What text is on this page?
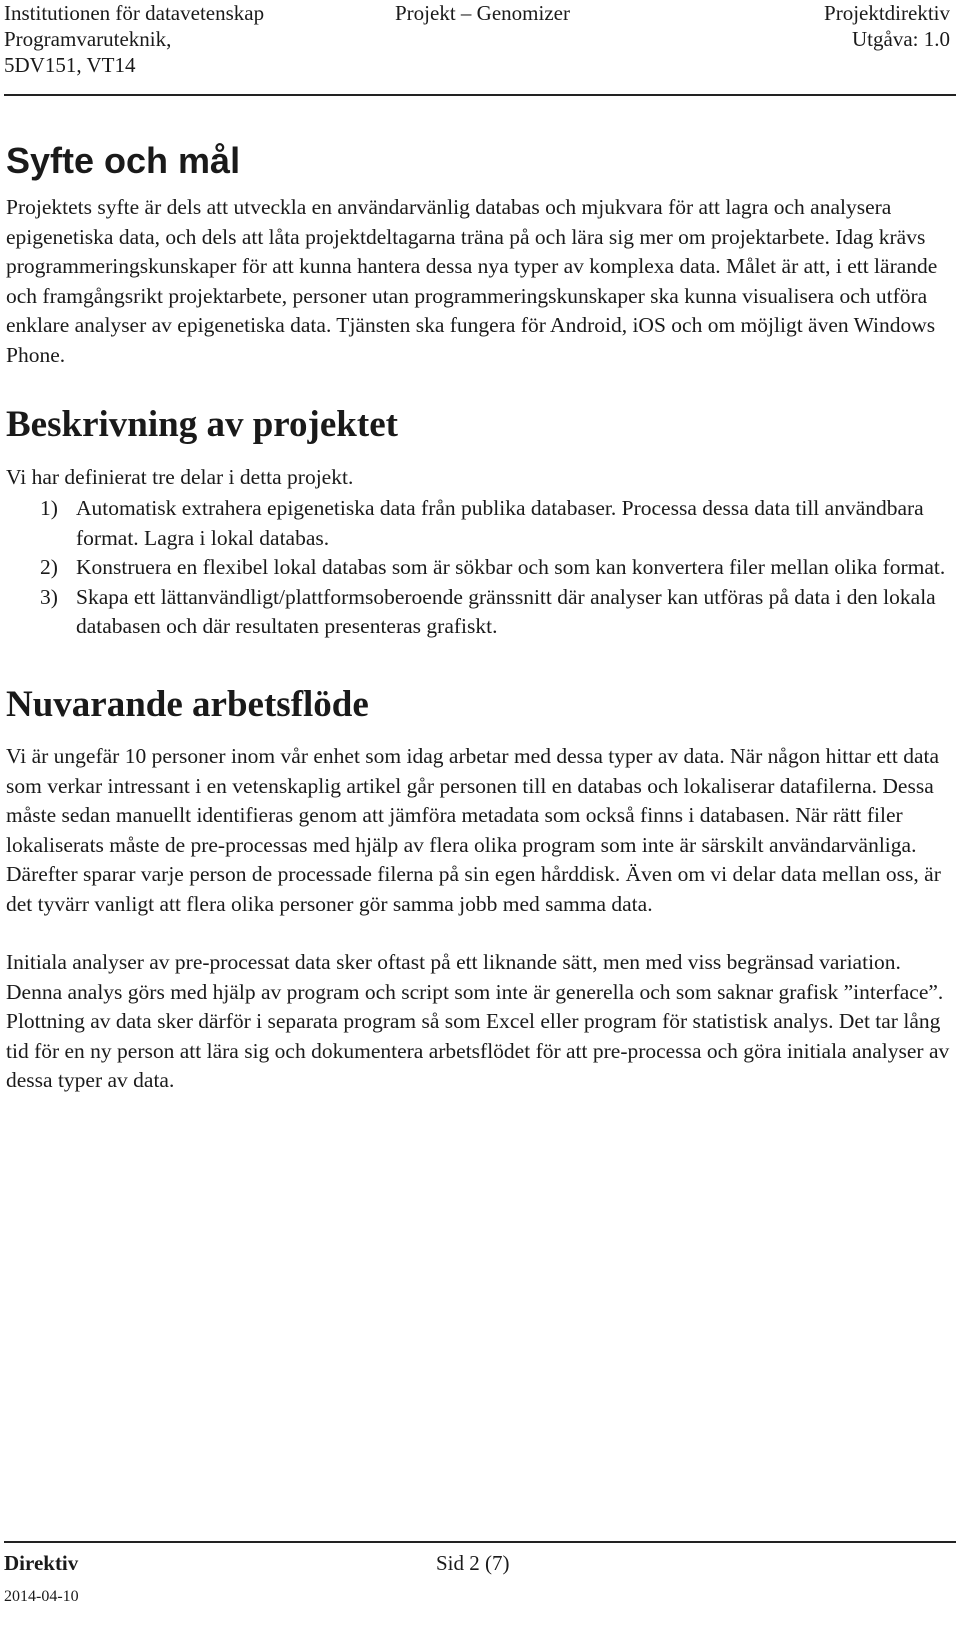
Institutionen för datavetenskap
Programvaruteknik,
5DV151, VT14
Projekt – Genomizer	Projektdirektiv
Utgåva: 1.0
Syfte och mål

Projektets syfte är dels att utveckla en användarvänlig databas och mjukvara för att lagra och analysera epigenetiska data, och dels att låta projektdeltagarna träna på och lära sig mer om projektarbete. Idag krävs programmeringskunskaper för att kunna hantera dessa nya typer av komplexa data. Målet är att, i ett lärande och framgångsrikt projektarbete, personer utan programmeringskunskaper ska kunna visualisera och utföra enklare analyser av epigenetiska data. Tjänsten ska fungera för Android, iOS och om möjligt även Windows Phone.

Beskrivning av projektet

Vi har definierat tre delar i detta projekt.

1) Automatisk extrahera epigenetiska data från publika databaser. Processa dessa data till användbara format. Lagra i lokal databas.
2) Konstruera en flexibel lokal databas som är sökbar och som kan konvertera filer mellan olika format.
3) Skapa ett lättanvändligt/plattformsoberoende gränssnitt där analyser kan utföras på data i den lokala databasen och där resultaten presenteras grafiskt.
Nuvarande arbetsflöde

Vi är ungefär 10 personer inom vår enhet som idag arbetar med dessa typer av data. När någon hittar ett data som verkar intressant i en vetenskaplig artikel går personen till en databas och lokaliserar datafilerna. Dessa måste sedan manuellt identifieras genom att jämföra metadata som också finns i databasen. När rätt filer lokaliserats måste de pre-processas med hjälp av flera olika program som inte är särskilt användarvänliga. Därefter sparar varje person de processade filerna på sin egen hårddisk. Även om vi delar data mellan oss, är det tyvärr vanligt att flera olika personer gör samma jobb med samma data.

Initiala analyser av pre-processat data sker oftast på ett liknande sätt, men med viss begränsad variation. Denna analys görs med hjälp av program och script som inte är generella och som saknar grafisk ”interface”. Plottning av data sker därför i separata program så som Excel eller program för statistisk analys. Det tar lång tid för en ny person att lära sig och dokumentera arbetsflödet för att pre-processa och göra initiala analyser av dessa typer av data.

Direktiv	Sid 2 (7)
2014-04-10
